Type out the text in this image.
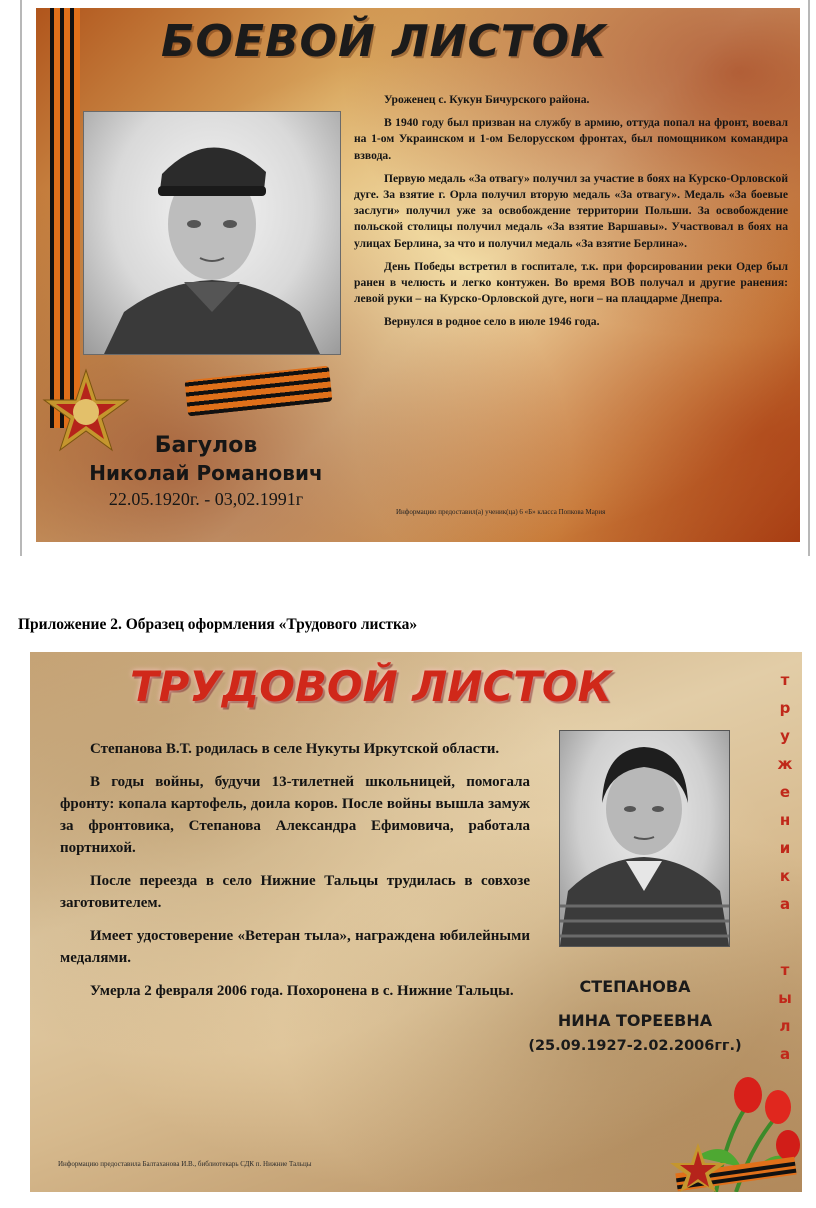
БОЕВОЙ ЛИСТОК
Багулов
Николай Романович
22.05.1920г. - 03,02.1991г

Уроженец с. Кукун Бичурского района.

В 1940 году был призван на службу в армию, оттуда попал на фронт, воевал на 1-ом Украинском и 1-ом Белорусском фронтах, был помощником командира взвода.

Первую медаль «За отвагу» получил за участие в боях на Курско-Орловской дуге. За взятие г. Орла получил вторую медаль «За отвагу». Медаль «За боевые заслуги» получил уже за освобождение территории Польши. За освобождение польской столицы получил медаль «За взятие Варшавы». Участвовал в боях на улицах Берлина, за что и получил медаль «За взятие Берлина».

День Победы встретил в госпитале, т.к. при форсировании реки Одер был ранен в челюсть и легко контужен. Во время ВОВ получал и другие ранения: левой руки – на Курско-Орловской дуге, ноги – на плацдарме Днепра.

Вернулся в родное село в июле 1946 года.

Информацию предоставил(а) ученик(ца) 6 «Б» класса Попкова Мария
Приложение 2. Образец оформления «Трудового листка»
ТРУДОВОЙ ЛИСТОК	т
р
у
ж
е
н
и
к
а
т
ы
л
а

Степанова В.Т. родилась в селе Нукуты Иркутской области.

В годы войны, будучи 13-тилетней школьницей, помогала фронту: копала картофель, доила коров. После войны вышла замуж за фронтовика, Степанова Александра Ефимовича, работала портнихой.

После переезда в село Нижние Тальцы трудилась в совхозе заготовителем.

Имеет удостоверение «Ветеран тыла», награждена юбилейными медалями.

Умерла 2 февраля 2006 года. Похоронена в с. Нижние Тальцы.	СТЕПАНОВА
НИНА ТОРЕЕВНА
(25.09.1927-2.02.2006гг.)
Информацию предоставила Балтаханова И.В., библиотекарь СДК п. Нижние Тальцы
